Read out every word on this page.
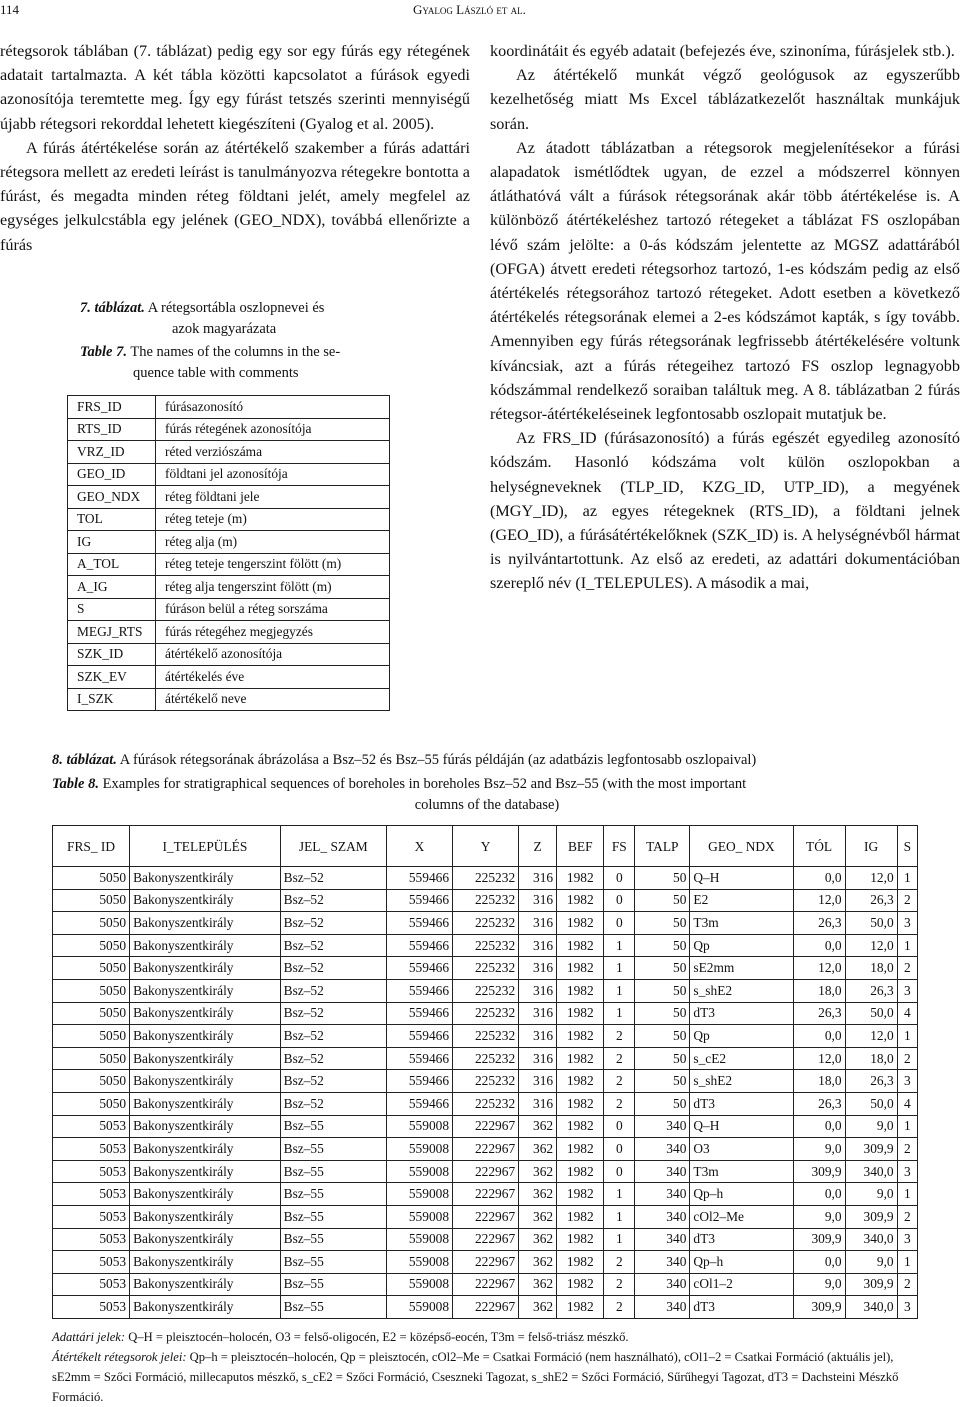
114	Gyalog László et al.

rétegsorok táblában (7. táblázat) pedig egy sor egy fúrás egy rétegének adatait tartalmazta. A két tábla közötti kapcsolatot a fúrások egyedi azonosítója teremtette meg. Így egy fúrást tetszés szerinti mennyiségű újabb rétegsori rekorddal lehetett kiegészíteni (Gyalog et al. 2005).

A fúrás átértékelése során az átértékelő szakember a fúrás adattári rétegsora mellett az eredeti leírást is tanulmányozva rétegekre bontotta a fúrást, és megadta minden réteg földtani jelét, amely megfelel az egységes jelkulcstábla egy jelének (GEO_NDX), továbbá ellenőrizte a fúrás

koordinátáit és egyéb adatait (befejezés éve, szinoníma, fúrásjelek stb.).

Az átértékelő munkát végző geológusok az egyszerűbb kezelhetőség miatt Ms Excel táblázatkezelőt használtak munkájuk során.

Az átadott táblázatban a rétegsorok megjelenítésekor a fúrási alapadatok ismétlődtek ugyan, de ezzel a módszerrel könnyen átláthatóvá vált a fúrások rétegsorának akár több átértékelése is. A különböző átértékeléshez tartozó rétegeket a táblázat FS oszlopában lévő szám jelölte: a 0-ás kódszám jelentette az MGSZ adattárából (OFGA) átvett eredeti rétegsorhoz tartozó, 1-es kódszám pedig az első átértékelés rétegsorához tartozó rétegeket. Adott esetben a következő átértékelés rétegsorának elemei a 2-es kódszámot kapták, s így tovább. Amennyiben egy fúrás rétegsorának legfrissebb átértékelésére voltunk kíváncsiak, azt a fúrás rétegeihez tartozó FS oszlop legnagyobb kódszámmal rendelkező soraiban találtuk meg. A 8. táblázatban 2 fúrás rétegsor-átértékeléseinek legfontosabb oszlopait mutatjuk be.

Az FRS_ID (fúrásazonosító) a fúrás egészét egyedileg azonosító kódszám. Hasonló kódszáma volt külön oszlopokban a helységneveknek (TLP_ID, KZG_ID, UTP_ID), a megyének (MGY_ID), az egyes rétegeknek (RTS_ID), a földtani jelnek (GEO_ID), a fúrásátértékelőknek (SZK_ID) is. A helységnévből hármat is nyilvántartottunk. Az első az eredeti, az adattári dokumentációban szereplő név (I_TELEPULES). A második a mai,

7. táblázat. A rétegsortábla oszlopnevei és
azok magyarázata
Table 7. The names of the columns in the se-
quence table with comments
FRS_ID	fúrásazonosító
RTS_ID	fúrás rétegének azonosítója
VRZ_ID	réted verziószáma
GEO_ID	földtani jel azonosítója
GEO_NDX	réteg földtani jele
TOL	réteg teteje (m)
IG	réteg alja (m)
A_TOL	réteg teteje tengerszint fölött (m)
A_IG	réteg alja tengerszint fölött (m)
S	fúráson belül a réteg sorszáma
MEGJ_RTS	fúrás rétegéhez megjegyzés
SZK_ID	átértékelő azonosítója
SZK_EV	átértékelés éve
I_SZK	átértékelő neve
8. táblázat. A fúrások rétegsorának ábrázolása a Bsz–52 és Bsz–55 fúrás példáján (az adatbázis legfontosabb oszlopaival)
Table 8. Examples for stratigraphical sequences of boreholes in boreholes Bsz–52 and Bsz–55 (with the most important
columns of the database)
FRS_ ID	I_TELEPÜLÉS	JEL_ SZAM	X	Y	Z	BEF	FS	TALP	GEO_ NDX	TÓL	IG	S
5050	Bakonyszentkirály	Bsz–52	559466	225232	316	1982	0	50	Q–H	0,0	12,0	1
5050	Bakonyszentkirály	Bsz–52	559466	225232	316	1982	0	50	E2	12,0	26,3	2
5050	Bakonyszentkirály	Bsz–52	559466	225232	316	1982	0	50	T3m	26,3	50,0	3
5050	Bakonyszentkirály	Bsz–52	559466	225232	316	1982	1	50	Qp	0,0	12,0	1
5050	Bakonyszentkirály	Bsz–52	559466	225232	316	1982	1	50	sE2mm	12,0	18,0	2
5050	Bakonyszentkirály	Bsz–52	559466	225232	316	1982	1	50	s_shE2	18,0	26,3	3
5050	Bakonyszentkirály	Bsz–52	559466	225232	316	1982	1	50	dT3	26,3	50,0	4
5050	Bakonyszentkirály	Bsz–52	559466	225232	316	1982	2	50	Qp	0,0	12,0	1
5050	Bakonyszentkirály	Bsz–52	559466	225232	316	1982	2	50	s_cE2	12,0	18,0	2
5050	Bakonyszentkirály	Bsz–52	559466	225232	316	1982	2	50	s_shE2	18,0	26,3	3
5050	Bakonyszentkirály	Bsz–52	559466	225232	316	1982	2	50	dT3	26,3	50,0	4
5053	Bakonyszentkirály	Bsz–55	559008	222967	362	1982	0	340	Q–H	0,0	9,0	1
5053	Bakonyszentkirály	Bsz–55	559008	222967	362	1982	0	340	O3	9,0	309,9	2
5053	Bakonyszentkirály	Bsz–55	559008	222967	362	1982	0	340	T3m	309,9	340,0	3
5053	Bakonyszentkirály	Bsz–55	559008	222967	362	1982	1	340	Qp–h	0,0	9,0	1
5053	Bakonyszentkirály	Bsz–55	559008	222967	362	1982	1	340	cOl2–Me	9,0	309,9	2
5053	Bakonyszentkirály	Bsz–55	559008	222967	362	1982	1	340	dT3	309,9	340,0	3
5053	Bakonyszentkirály	Bsz–55	559008	222967	362	1982	2	340	Qp–h	0,0	9,0	1
5053	Bakonyszentkirály	Bsz–55	559008	222967	362	1982	2	340	cOl1–2	9,0	309,9	2
5053	Bakonyszentkirály	Bsz–55	559008	222967	362	1982	2	340	dT3	309,9	340,0	3

Adattári jelek: Q–H = pleisztocén–holocén, O3 = felső-oligocén, E2 = középső-eocén, T3m = felső-triász mészkő.

Átértékelt rétegsorok jelei: Qp–h = pleisztocén–holocén, Qp = pleisztocén, cOl2–Me = Csatkai Formáció (nem használható), cOl1–2 = Csatkai Formáció (aktuális jel), sE2mm = Szőci Formáció, millecaputos mészkő, s_cE2 = Szőci Formáció, Cseszneki Tagozat, s_shE2 = Szőci Formáció, Sűrűhegyi Tagozat, dT3 = Dachsteini Mészkő Formáció.
